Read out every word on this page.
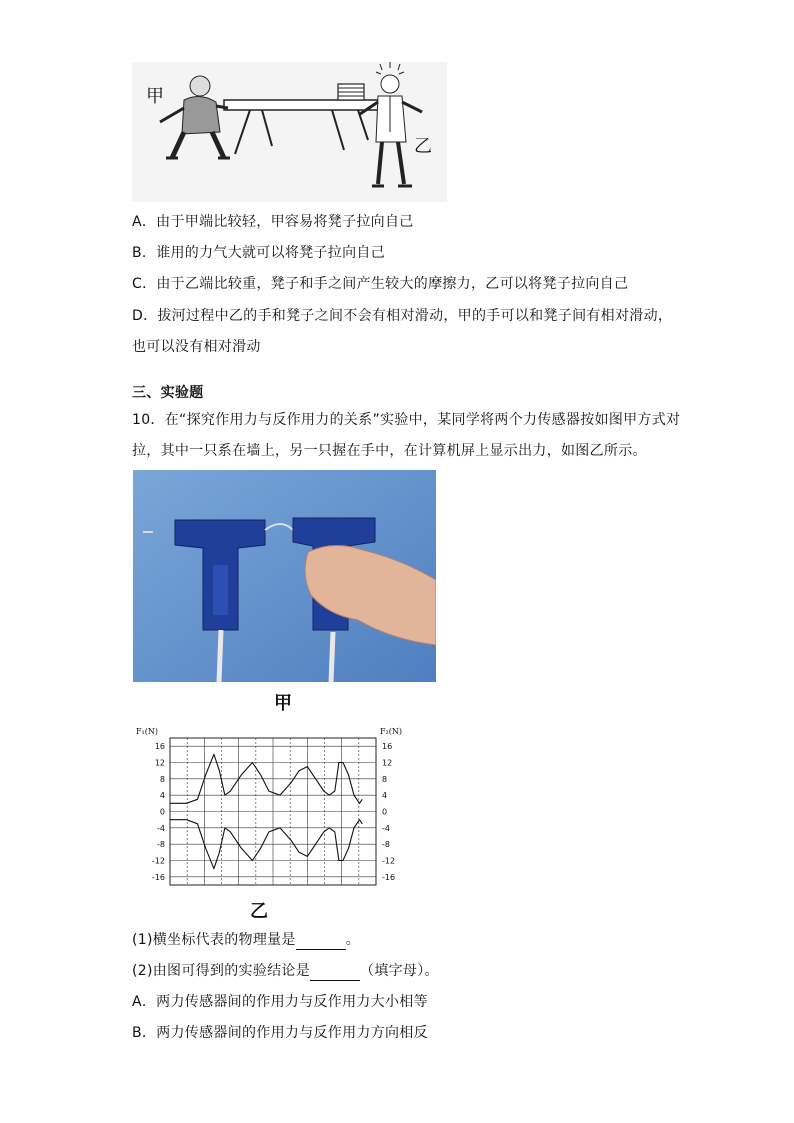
甲
乙
A．由于甲端比较轻，甲容易将凳子拉向自己
B．谁用的力气大就可以将凳子拉向自己
C．由于乙端比较重，凳子和手之间产生较大的摩擦力，乙可以将凳子拉向自己
D．拔河过程中乙的手和凳子之间不会有相对滑动，甲的手可以和凳子间有相对滑动，
也可以没有相对滑动
三、实验题
10．在“探究作用力与反作用力的关系”实验中，某同学将两个力传感器按如图甲方式对
拉，其中一只系在墙上，另一只握在手中，在计算机屏上显示出力，如图乙所示。
甲
16
12
8
4
0
-4
-8
-12
-16
16
12
8
4
0
-4
-8
-12
-16
F₁(N)	F₂(N)
乙
(1)横坐标代表的物理量是	。
(2)由图可得到的实验结论是	（填字母）。
A．两力传感器间的作用力与反作用力大小相等
B．两力传感器间的作用力与反作用力方向相反
